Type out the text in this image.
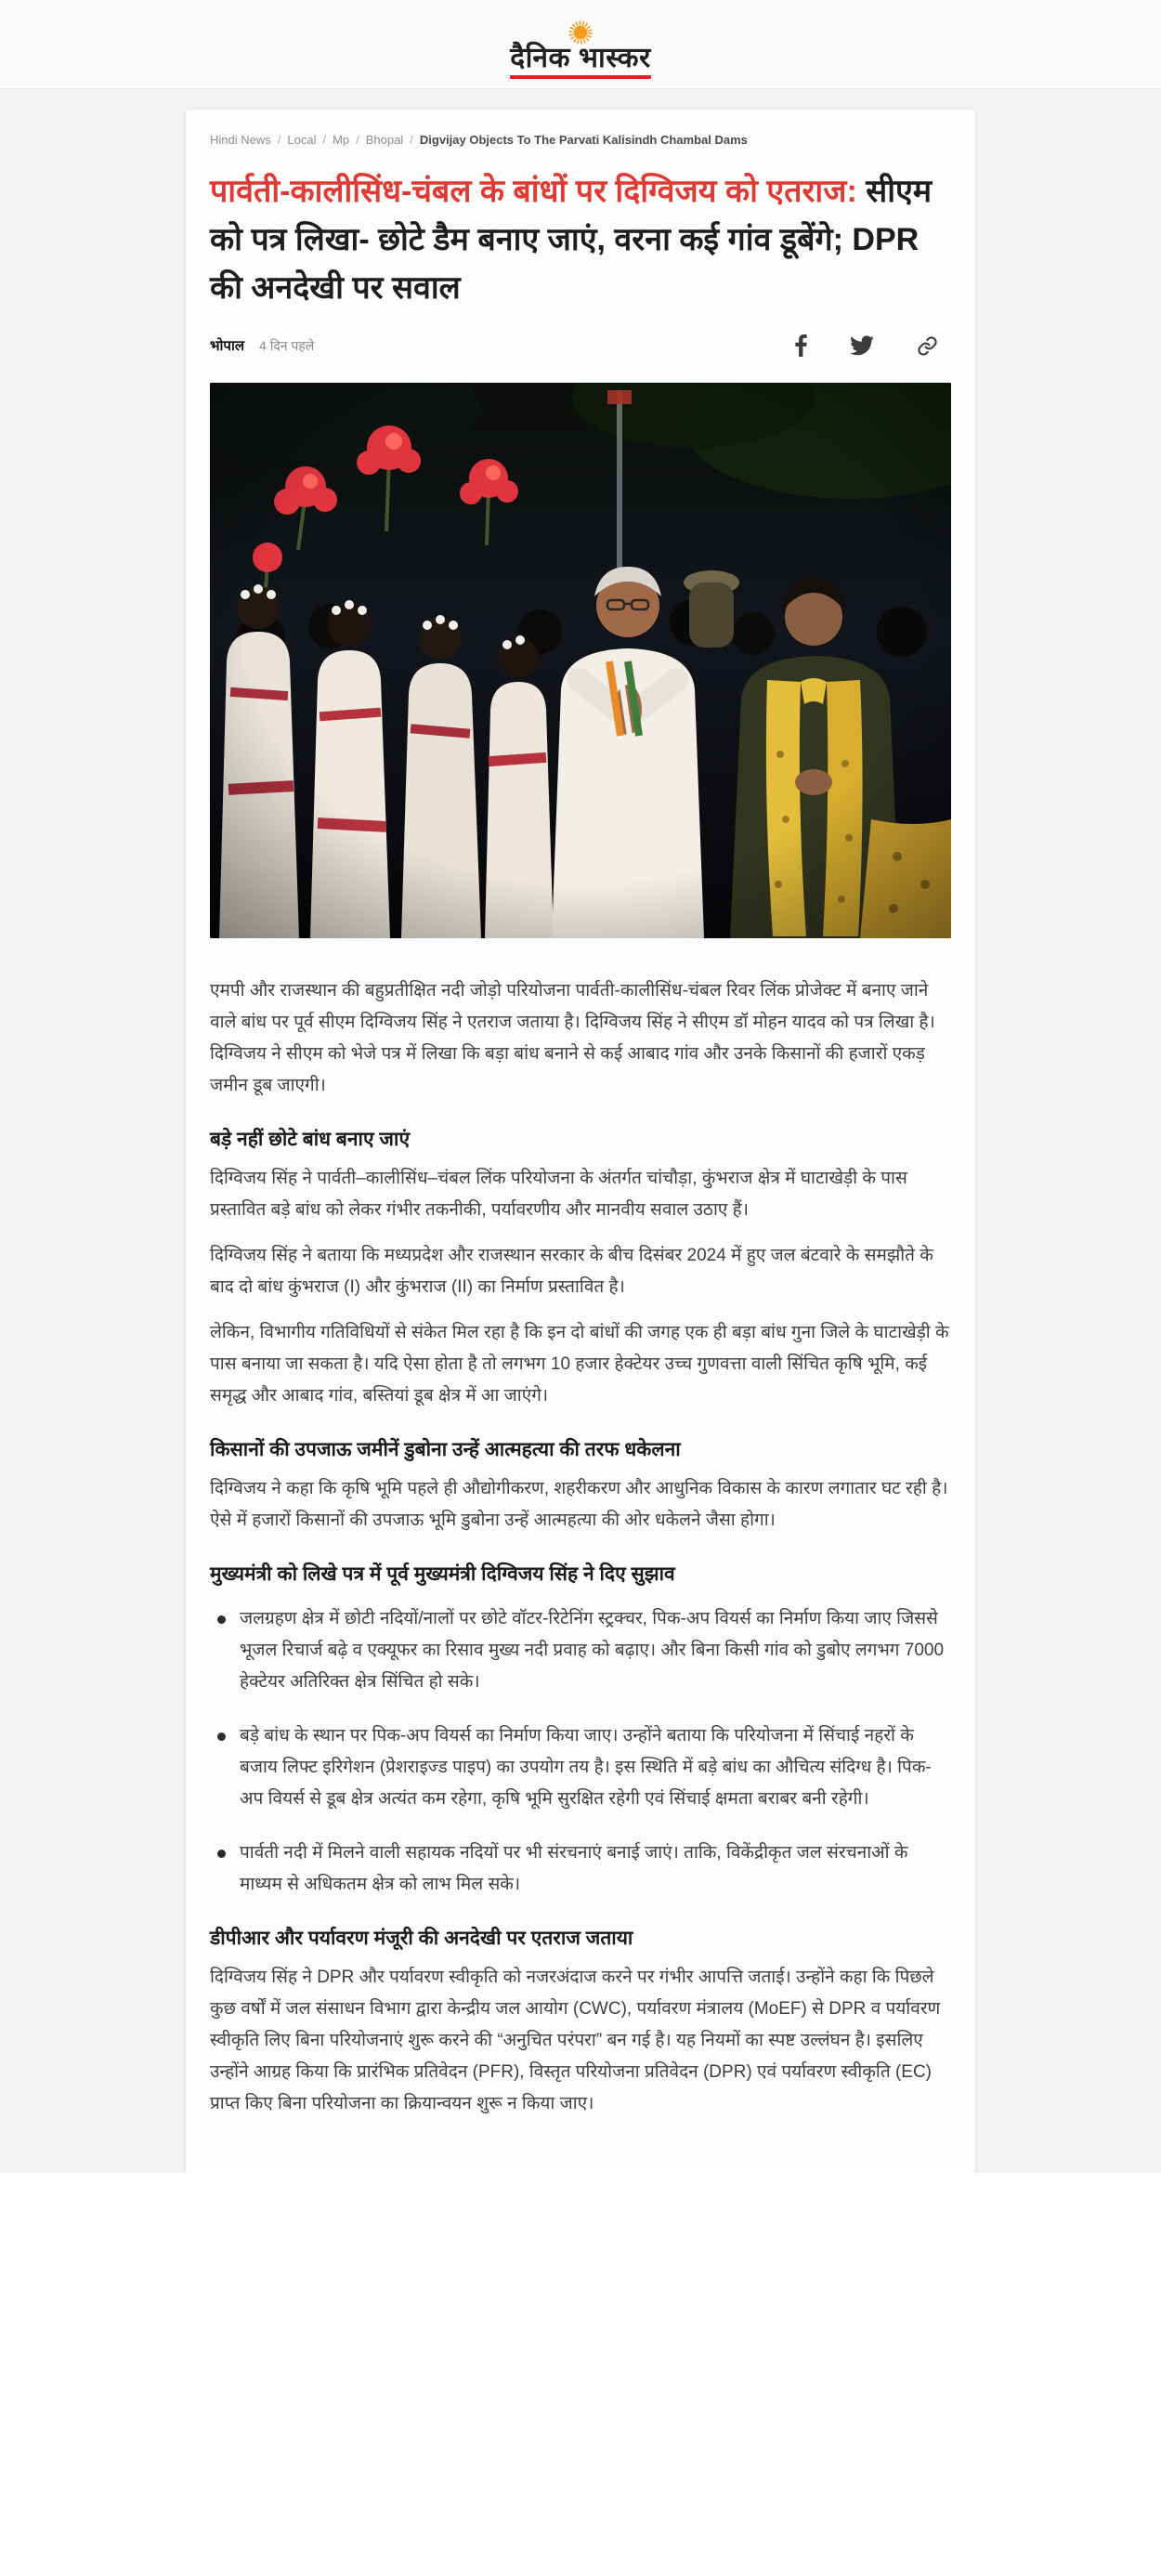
दैनिक भास्कर
Hindi News / Local / Mp / Bhopal / Digvijay Objects To The Parvati Kalisindh Chambal Dams
पार्वती-कालीसिंध-चंबल के बांधों पर दिग्विजय को एतराज: सीएम को पत्र लिखा- छोटे डैम बनाए जाएं, वरना कई गांव डूबेंगे; DPR की अनदेखी पर सवाल
भोपाल 4 दिन पहले

एमपी और राजस्थान की बहुप्रतीक्षित नदी जोड़ो परियोजना पार्वती-कालीसिंध-चंबल रिवर लिंक प्रोजेक्ट में बनाए जाने वाले बांध पर पूर्व सीएम दिग्विजय सिंह ने एतराज जताया है। दिग्विजय सिंह ने सीएम डॉ मोहन यादव को पत्र लिखा है। दिग्विजय ने सीएम को भेजे पत्र में लिखा कि बड़ा बांध बनाने से कई आबाद गांव और उनके किसानों की हजारों एकड़ जमीन डूब जाएगी।

बड़े नहीं छोटे बांध बनाए जाएं

दिग्विजय सिंह ने पार्वती–कालीसिंध–चंबल लिंक परियोजना के अंतर्गत चांचौड़ा, कुंभराज क्षेत्र में घाटाखेड़ी के पास प्रस्तावित बड़े बांध को लेकर गंभीर तकनीकी, पर्यावरणीय और मानवीय सवाल उठाए हैं।

दिग्विजय सिंह ने बताया कि मध्यप्रदेश और राजस्थान सरकार के बीच दिसंबर 2024 में हुए जल बंटवारे के समझौते के बाद दो बांध कुंभराज (I) और कुंभराज (II) का निर्माण प्रस्तावित है।

लेकिन, विभागीय गतिविधियों से संकेत मिल रहा है कि इन दो बांधों की जगह एक ही बड़ा बांध गुना जिले के घाटाखेड़ी के पास बनाया जा सकता है। यदि ऐसा होता है तो लगभग 10 हजार हेक्टेयर उच्च गुणवत्ता वाली सिंचित कृषि भूमि, कई समृद्ध और आबाद गांव, बस्तियां डूब क्षेत्र में आ जाएंगे।

किसानों की उपजाऊ जमीनें डुबोना उन्हें आत्महत्या की तरफ धकेलना

दिग्विजय ने कहा कि कृषि भूमि पहले ही औद्योगीकरण, शहरीकरण और आधुनिक विकास के कारण लगातार घट रही है। ऐसे में हजारों किसानों की उपजाऊ भूमि डुबोना उन्हें आत्महत्या की ओर धकेलने जैसा होगा।

मुख्यमंत्री को लिखे पत्र में पूर्व मुख्यमंत्री दिग्विजय सिंह ने दिए सुझाव
जलग्रहण क्षेत्र में छोटी नदियों/नालों पर छोटे वॉटर-रिटेनिंग स्ट्रक्चर, पिक-अप वियर्स का निर्माण किया जाए जिससे भूजल रिचार्ज बढ़े व एक्यूफर का रिसाव मुख्य नदी प्रवाह को बढ़ाए। और बिना किसी गांव को डुबोए लगभग 7000 हेक्टेयर अतिरिक्त क्षेत्र सिंचित हो सके।
बड़े बांध के स्थान पर पिक-अप वियर्स का निर्माण किया जाए। उन्होंने बताया कि परियोजना में सिंचाई नहरों के बजाय लिफ्ट इरिगेशन (प्रेशराइज्ड पाइप) का उपयोग तय है। इस स्थिति में बड़े बांध का औचित्य संदिग्ध है। पिक-अप वियर्स से डूब क्षेत्र अत्यंत कम रहेगा, कृषि भूमि सुरक्षित रहेगी एवं सिंचाई क्षमता बराबर बनी रहेगी।
पार्वती नदी में मिलने वाली सहायक नदियों पर भी संरचनाएं बनाई जाएं। ताकि, विकेंद्रीकृत जल संरचनाओं के माध्यम से अधिकतम क्षेत्र को लाभ मिल सके।
डीपीआर और पर्यावरण मंजूरी की अनदेखी पर एतराज जताया

दिग्विजय सिंह ने DPR और पर्यावरण स्वीकृति को नजरअंदाज करने पर गंभीर आपत्ति जताई। उन्होंने कहा कि पिछले कुछ वर्षों में जल संसाधन विभाग द्वारा केन्द्रीय जल आयोग (CWC), पर्यावरण मंत्रालय (MoEF) से DPR व पर्यावरण स्वीकृति लिए बिना परियोजनाएं शुरू करने की “अनुचित परंपरा” बन गई है। यह नियमों का स्पष्ट उल्लंघन है। इसलिए उन्होंने आग्रह किया कि प्रारंभिक प्रतिवेदन (PFR), विस्तृत परियोजना प्रतिवेदन (DPR) एवं पर्यावरण स्वीकृति (EC) प्राप्त किए बिना परियोजना का क्रियान्वयन शुरू न किया जाए।
